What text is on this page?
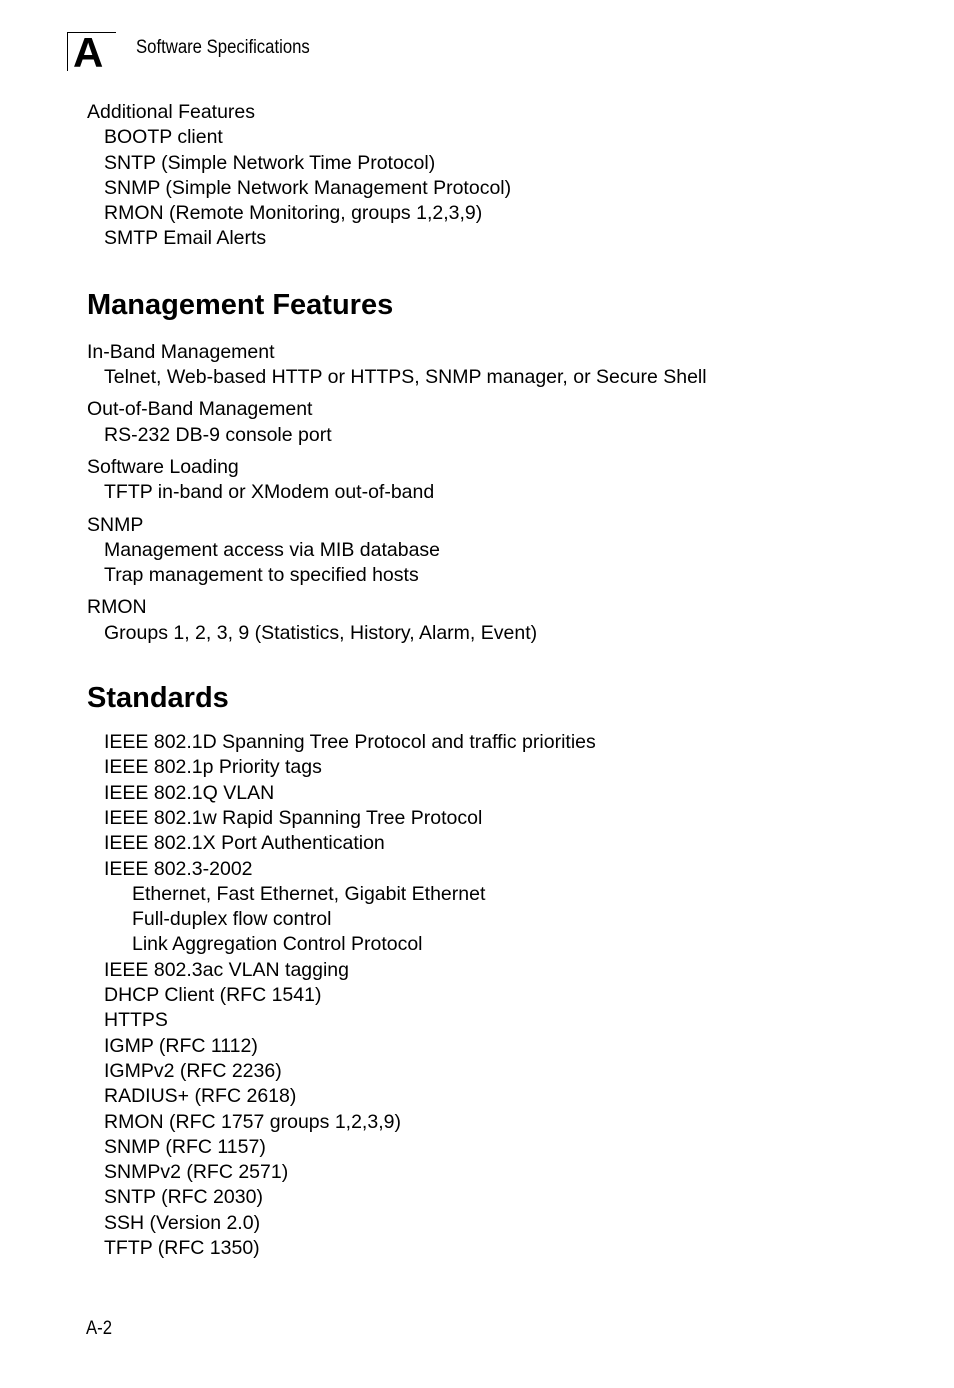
A Software Specifications
Additional Features
BOOTP client
SNTP (Simple Network Time Protocol)
SNMP (Simple Network Management Protocol)
RMON (Remote Monitoring, groups 1,2,3,9)
SMTP Email Alerts
Management Features
In-Band Management
Telnet, Web-based HTTP or HTTPS, SNMP manager, or Secure Shell
Out-of-Band Management
RS-232 DB-9 console port
Software Loading
TFTP in-band or XModem out-of-band
SNMP
Management access via MIB database
Trap management to specified hosts
RMON
Groups 1, 2, 3, 9 (Statistics, History, Alarm, Event)
Standards
IEEE 802.1D Spanning Tree Protocol and traffic priorities
IEEE 802.1p Priority tags
IEEE 802.1Q VLAN
IEEE 802.1w Rapid Spanning Tree Protocol
IEEE 802.1X Port Authentication
IEEE 802.3-2002
Ethernet, Fast Ethernet, Gigabit Ethernet
Full-duplex flow control
Link Aggregation Control Protocol
IEEE 802.3ac VLAN tagging
DHCP Client (RFC 1541)
HTTPS
IGMP (RFC 1112)
IGMPv2 (RFC 2236)
RADIUS+ (RFC 2618)
RMON (RFC 1757 groups 1,2,3,9)
SNMP (RFC 1157)
SNMPv2 (RFC 2571)
SNTP (RFC 2030)
SSH (Version 2.0)
TFTP (RFC 1350)
A-2
